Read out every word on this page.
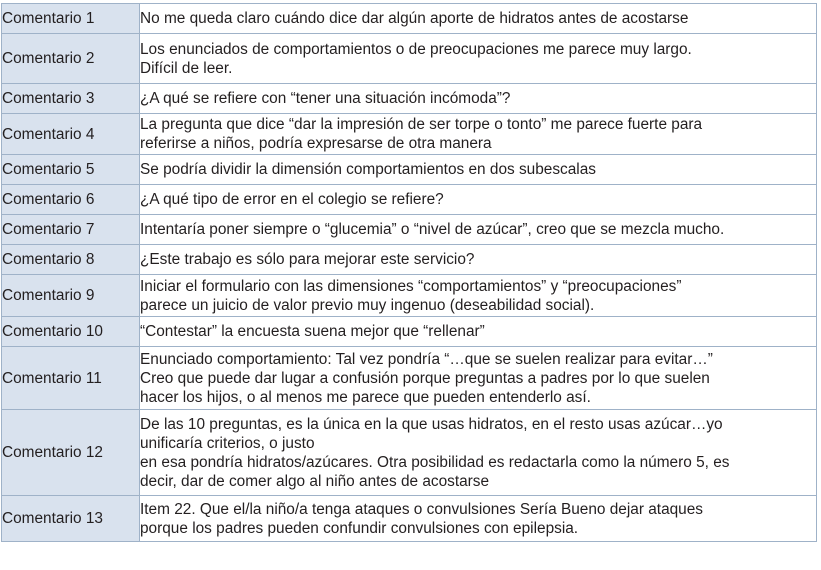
Comentario 1	No me queda claro cuándo dice dar algún aporte de hidratos antes de acostarse

Comentario 2	Los enunciados de comportamientos o de preocupaciones me parece muy largo.
Difícil de leer.

Comentario 3	¿A qué se refiere con “tener una situación incómoda”?

Comentario 4	La pregunta que dice “dar la impresión de ser torpe o tonto” me parece fuerte para
referirse a niños, podría expresarse de otra manera

Comentario 5	Se podría dividir la dimensión comportamientos en dos subescalas

Comentario 6	¿A qué tipo de error en el colegio se refiere?

Comentario 7	Intentaría poner siempre o “glucemia” o “nivel de azúcar”, creo que se mezcla mucho.

Comentario 8	¿Este trabajo es sólo para mejorar este servicio?

Comentario 9	Iniciar el formulario con las dimensiones “comportamientos” y “preocupaciones”
parece un juicio de valor previo muy ingenuo (deseabilidad social).

Comentario 10	“Contestar” la encuesta suena mejor que “rellenar”

Comentario 11	Enunciado comportamiento: Tal vez pondría “…que se suelen realizar para evitar…”
Creo que puede dar lugar a confusión porque preguntas a padres por lo que suelen
hacer los hijos, o al menos me parece que pueden entenderlo así.

Comentario 12	De las 10 preguntas, es la única en la que usas hidratos, en el resto usas azúcar…yo
unificaría criterios, o justo
en esa pondría hidratos/azúcares. Otra posibilidad es redactarla como la número 5, es
decir, dar de comer algo al niño antes de acostarse

Comentario 13	Item 22. Que el/la niño/a tenga ataques o convulsiones Sería Bueno dejar ataques
porque los padres pueden confundir convulsiones con epilepsia.
